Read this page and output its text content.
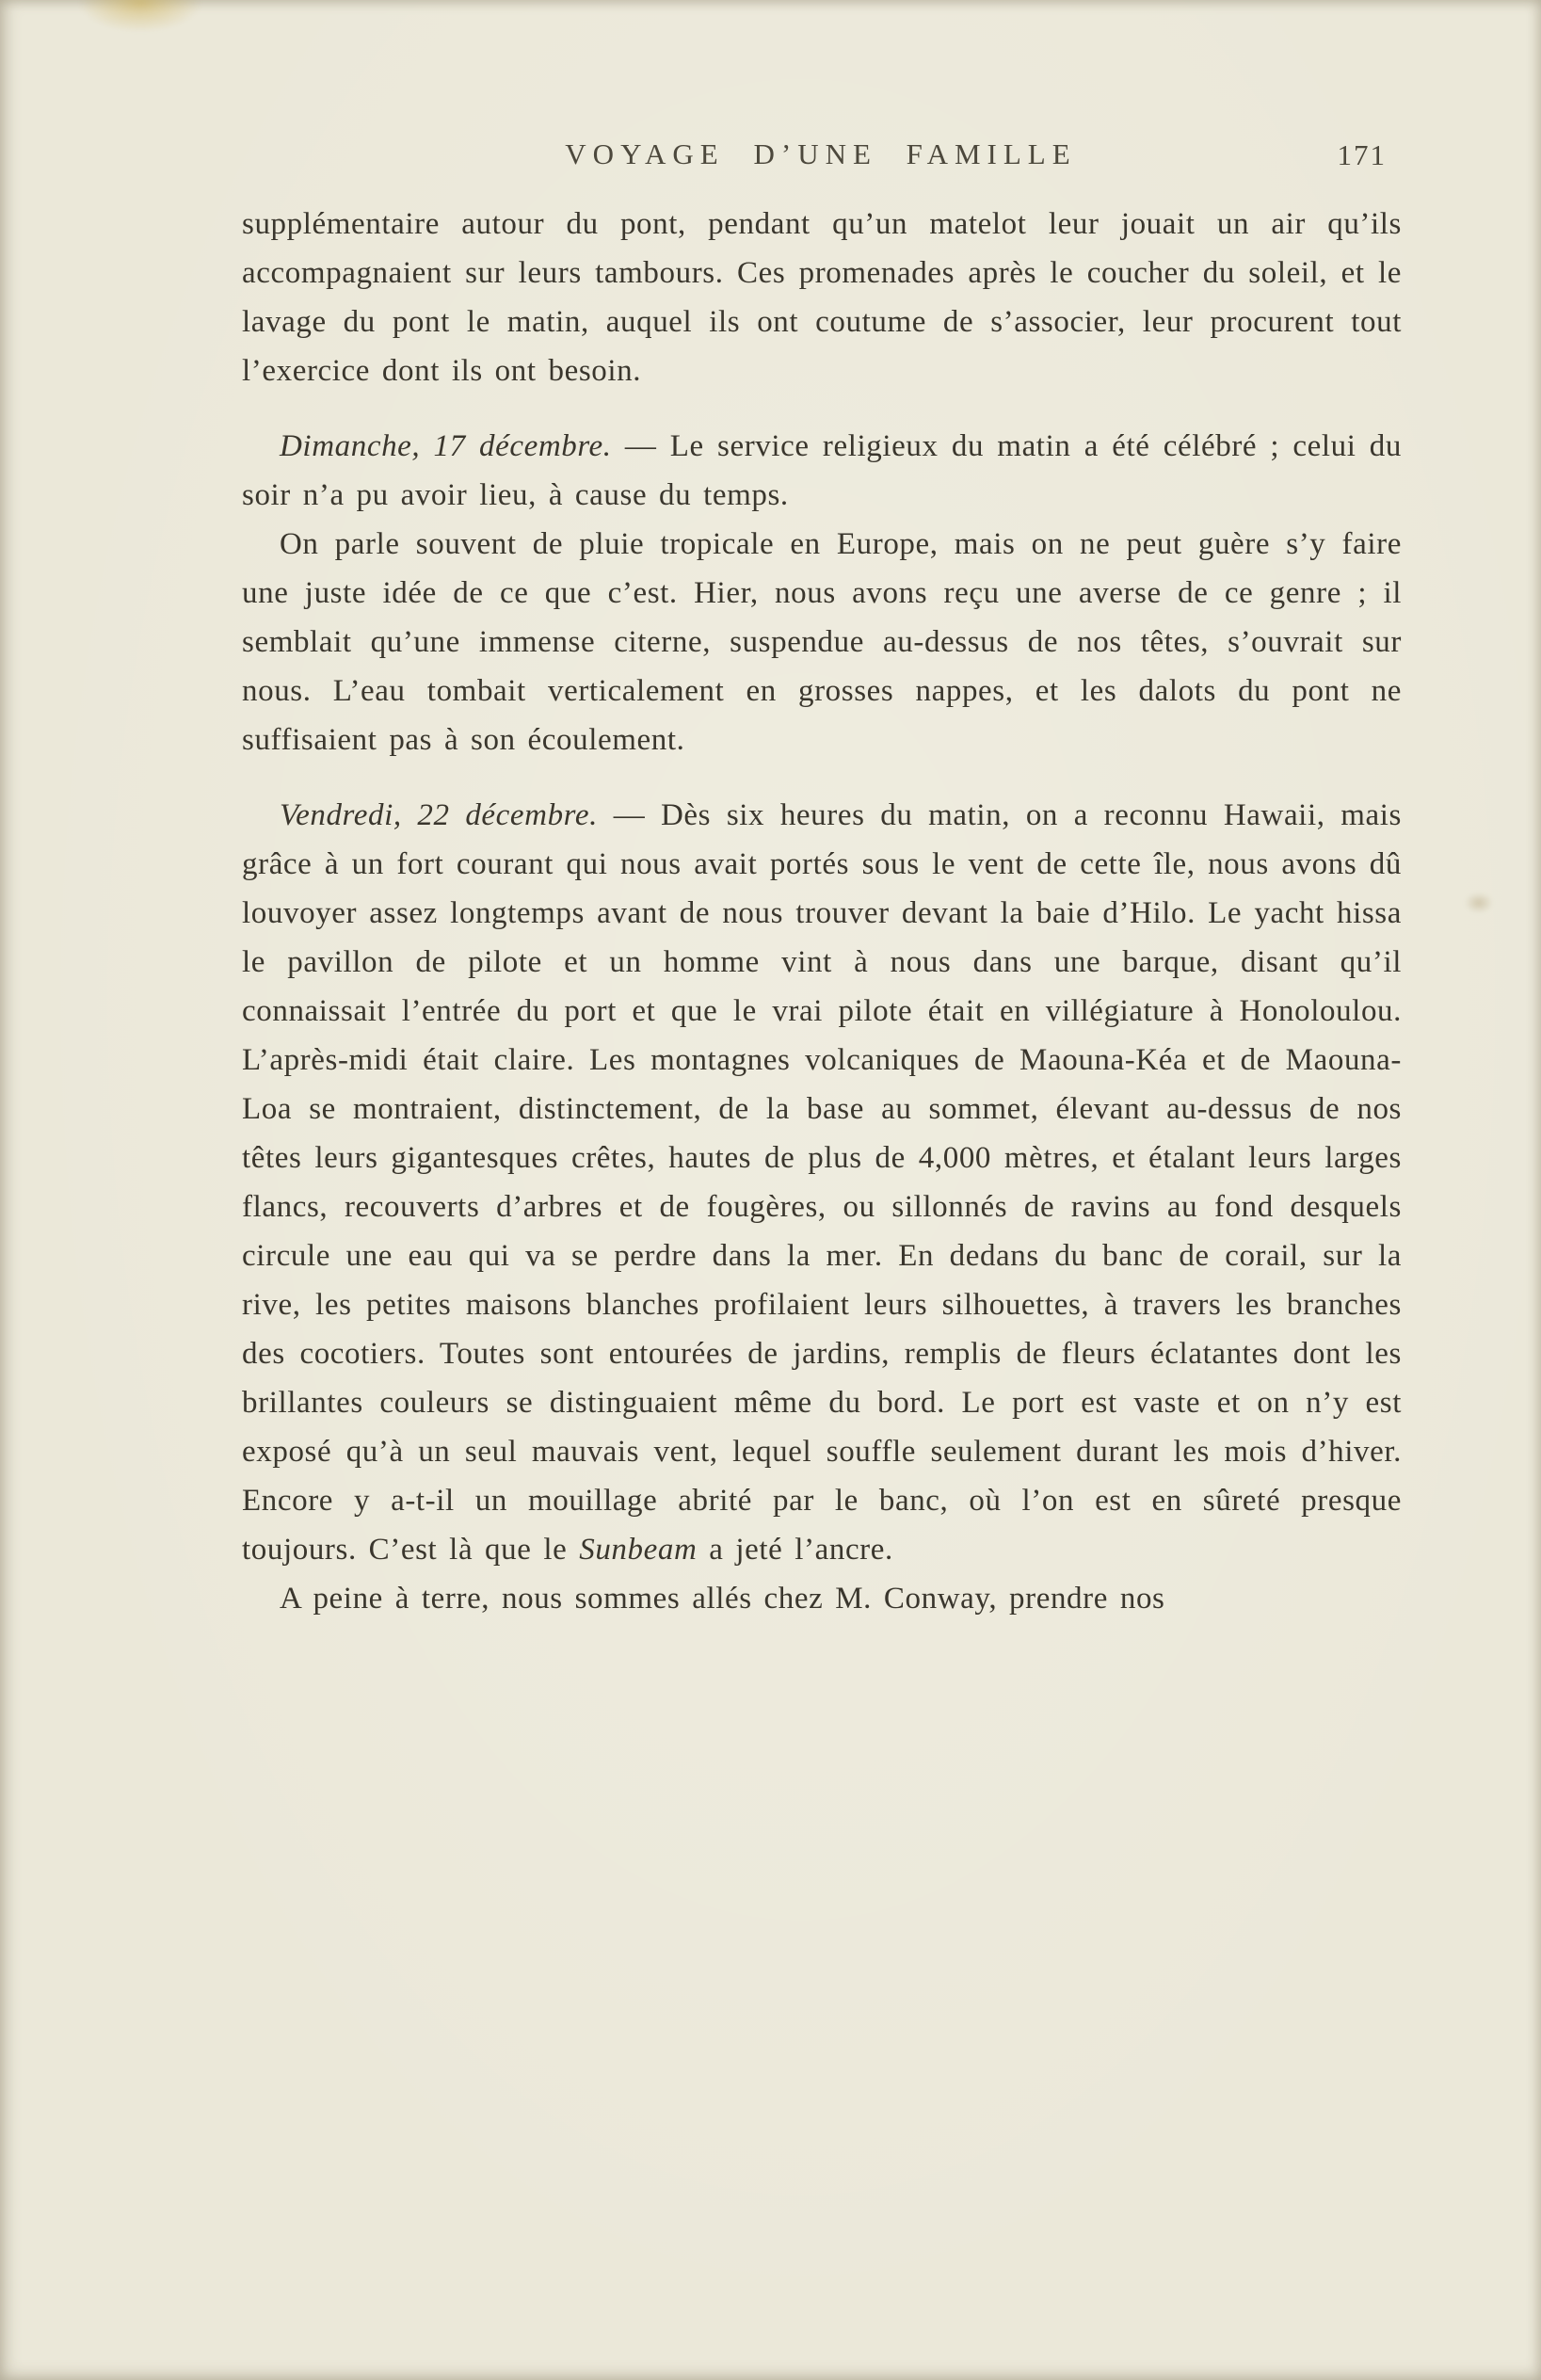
VOYAGE D’UNE FAMILLE	171

supplémentaire autour du pont, pendant qu’un matelot leur jouait un air qu’ils accompagnaient sur leurs tambours. Ces promenades après le coucher du soleil, et le lavage du pont le matin, auquel ils ont coutume de s’associer, leur procurent tout l’exercice dont ils ont besoin.

Dimanche, 17 décembre. — Le service religieux du matin a été célébré ; celui du soir n’a pu avoir lieu, à cause du temps.

On parle souvent de pluie tropicale en Europe, mais on ne peut guère s’y faire une juste idée de ce que c’est. Hier, nous avons reçu une averse de ce genre ; il semblait qu’une immense citerne, suspendue au-dessus de nos têtes, s’ouvrait sur nous. L’eau tombait verticalement en grosses nappes, et les dalots du pont ne suffisaient pas à son écoulement.

Vendredi, 22 décembre. — Dès six heures du matin, on a reconnu Hawaii, mais grâce à un fort courant qui nous avait portés sous le vent de cette île, nous avons dû louvoyer assez longtemps avant de nous trouver devant la baie d’Hilo. Le yacht hissa le pavillon de pilote et un homme vint à nous dans une barque, disant qu’il connaissait l’entrée du port et que le vrai pilote était en villégiature à Honoloulou. L’après-midi était claire. Les montagnes volcaniques de Maouna-Kéa et de Maouna-Loa se montraient, distinctement, de la base au sommet, élevant au-dessus de nos têtes leurs gigantesques crêtes, hautes de plus de 4,000 mètres, et étalant leurs larges flancs, recouverts d’arbres et de fougères, ou sillonnés de ravins au fond desquels circule une eau qui va se perdre dans la mer. En dedans du banc de corail, sur la rive, les petites maisons blanches profilaient leurs silhouettes, à travers les branches des cocotiers. Toutes sont entourées de jardins, remplis de fleurs éclatantes dont les brillantes couleurs se distinguaient même du bord. Le port est vaste et on n’y est exposé qu’à un seul mauvais vent, lequel souffle seulement durant les mois d’hiver. Encore y a-t-il un mouillage abrité par le banc, où l’on est en sûreté presque toujours. C’est là que le Sunbeam a jeté l’ancre.

A peine à terre, nous sommes allés chez M. Conway, prendre nos
